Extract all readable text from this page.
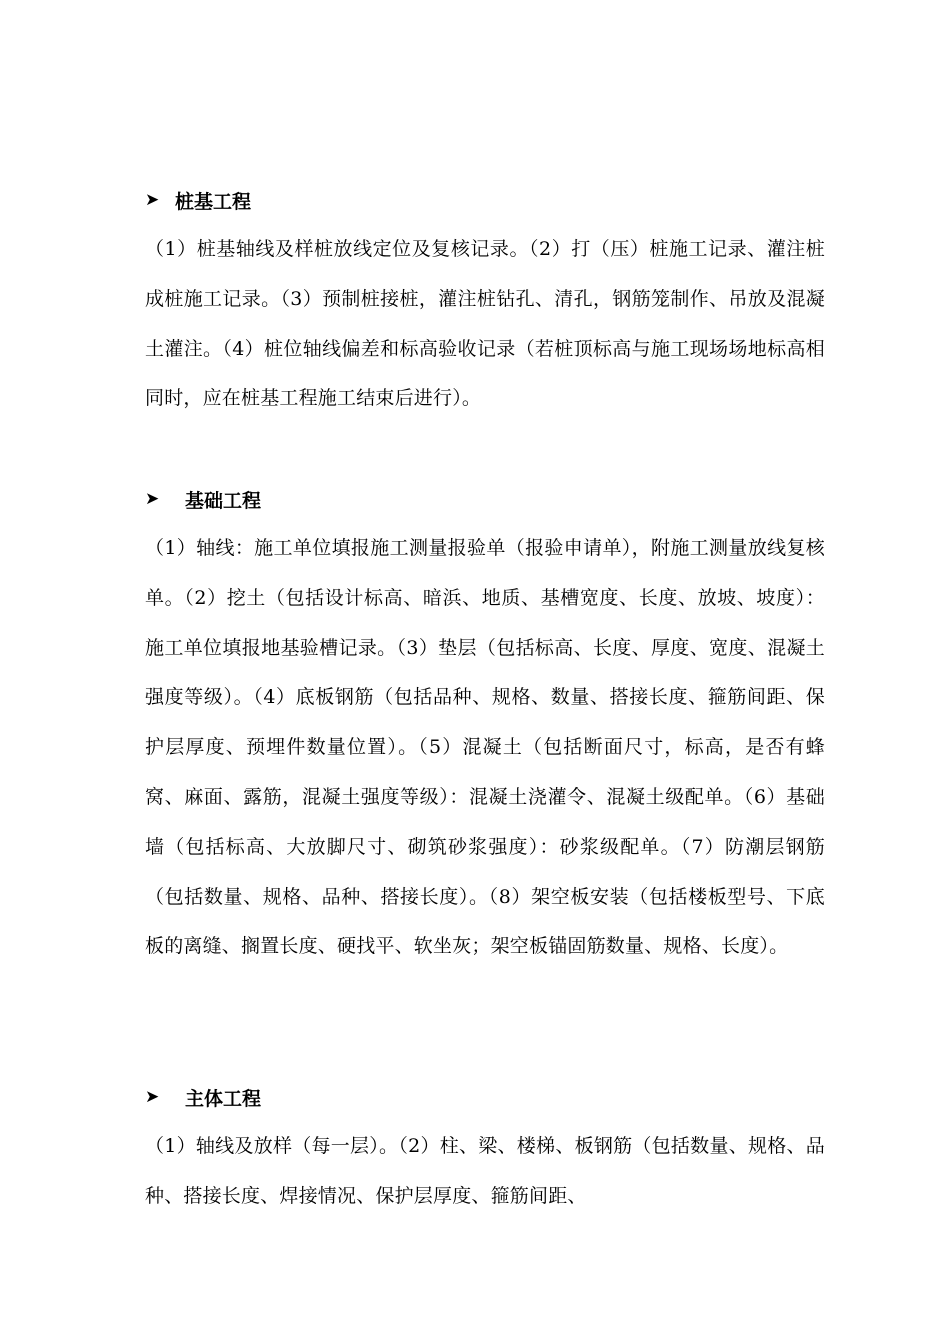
➤ 桩基工程

（1）桩基轴线及样桩放线定位及复核记录。（2）打（压）桩施工记录、灌注桩成桩施工记录。（3）预制桩接桩，灌注桩钻孔、清孔，钢筋笼制作、吊放及混凝土灌注。（4）桩位轴线偏差和标高验收记录（若桩顶标高与施工现场场地标高相同时，应在桩基工程施工结束后进行）。

➤	基础工程

（1）轴线：施工单位填报施工测量报验单（报验申请单），附施工测量放线复核单。（2）挖土（包括设计标高、暗浜、地质、基槽宽度、长度、放坡、坡度）：施工单位填报地基验槽记录。（3）垫层（包括标高、长度、厚度、宽度、混凝土强度等级）。（4）底板钢筋（包括品种、规格、数量、搭接长度、箍筋间距、保护层厚度、预埋件数量位置）。（5）混凝土（包括断面尺寸，标高，是否有蜂窝、麻面、露筋，混凝土强度等级）：混凝土浇灌令、混凝土级配单。（6）基础墙（包括标高、大放脚尺寸、砌筑砂浆强度）：砂浆级配单。（7）防潮层钢筋（包括数量、规格、品种、搭接长度）。（8）架空板安装（包括楼板型号、下底板的离缝、搁置长度、硬找平、软坐灰；架空板锚固筋数量、规格、长度）。

➤	主体工程

（1）轴线及放样（每一层）。（2）柱、梁、楼梯、板钢筋（包括数量、规格、品种、搭接长度、焊接情况、保护层厚度、箍筋间距、
